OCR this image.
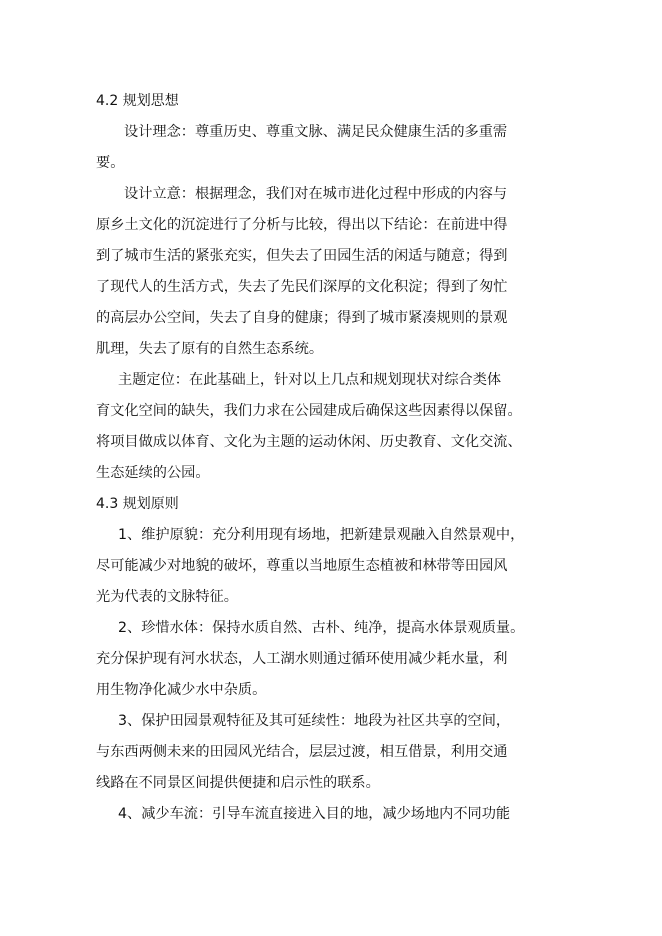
4.2 规划思想
设计理念：尊重历史、尊重文脉、满足民众健康生活的多重需
要。
设计立意：根据理念，我们对在城市进化过程中形成的内容与
原乡土文化的沉淀进行了分析与比较，得出以下结论：在前进中得
到了城市生活的紧张充实，但失去了田园生活的闲适与随意；得到
了现代人的生活方式，失去了先民们深厚的文化积淀；得到了匆忙
的高层办公空间，失去了自身的健康；得到了城市紧凑规则的景观
肌理，失去了原有的自然生态系统。
主题定位：在此基础上，针对以上几点和规划现状对综合类体
育文化空间的缺失，我们力求在公园建成后确保这些因素得以保留。
将项目做成以体育、文化为主题的运动休闲、历史教育、文化交流、
生态延续的公园。
4.3 规划原则
1、维护原貌：充分利用现有场地，把新建景观融入自然景观中，
尽可能减少对地貌的破坏，尊重以当地原生态植被和林带等田园风
光为代表的文脉特征。
2、珍惜水体：保持水质自然、古朴、纯净，提高水体景观质量。
充分保护现有河水状态，人工湖水则通过循环使用减少耗水量，利
用生物净化减少水中杂质。
3、保护田园景观特征及其可延续性：地段为社区共享的空间，
与东西两侧未来的田园风光结合，层层过渡，相互借景，利用交通
线路在不同景区间提供便捷和启示性的联系。
4、减少车流：引导车流直接进入目的地，减少场地内不同功能
